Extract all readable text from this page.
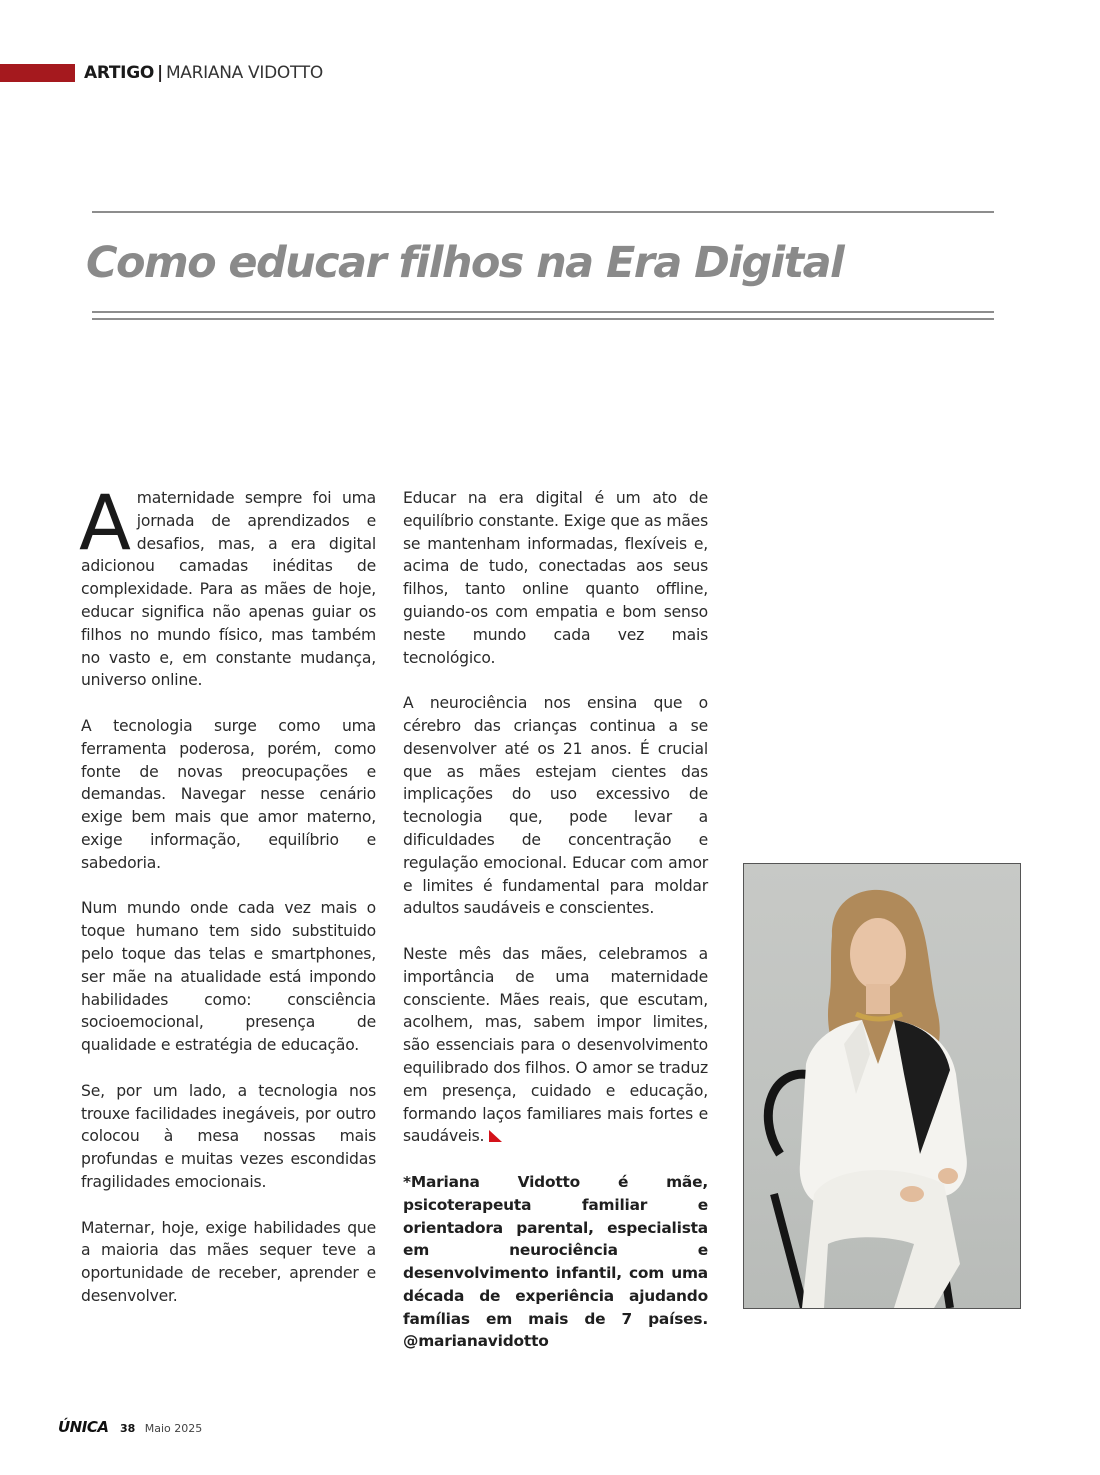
ARTIGO | MARIANA VIDOTTO
Como educar filhos na Era Digital

Amaternidade sempre foi uma jornada de aprendizados e desafios, mas, a era digital adicionou camadas inéditas de complexidade. Para as mães de hoje, educar significa não apenas guiar os filhos no mundo físico, mas também no vasto e, em constante mudança, universo online.

A tecnologia surge como uma ferramenta poderosa, porém, como fonte de novas preocupações e demandas. Navegar nesse cenário exige bem mais que amor materno, exige informação, equilíbrio e sabedoria.

Num mundo onde cada vez mais o toque humano tem sido substituido pelo toque das telas e smartphones, ser mãe na atualidade está impondo habilidades como: consciência socioemocional, presença de qualidade e estratégia de educação.

Se, por um lado, a tecnologia nos trouxe facilidades inegáveis, por outro colocou à mesa nossas mais profundas e muitas vezes escondidas fragilidades emocionais.

Maternar, hoje, exige habilidades que a maioria das mães sequer teve a oportunidade de receber, aprender e desenvolver.

Educar na era digital é um ato de equilíbrio constante. Exige que as mães se mantenham informadas, flexíveis e, acima de tudo, conectadas aos seus filhos, tanto online quanto offline, guiando-os com empatia e bom senso neste mundo cada vez mais tecnológico.

A neurociência nos ensina que o cérebro das crianças continua a se desenvolver até os 21 anos. É crucial que as mães estejam cientes das implicações do uso excessivo de tecnologia que, pode levar a dificuldades de concentração e regulação emocional. Educar com amor e limites é fundamental para moldar adultos saudáveis e conscientes.

Neste mês das mães, celebramos a importância de uma maternidade consciente. Mães reais, que escutam, acolhem, mas, sabem impor limites, são essenciais para o desenvolvimento equilibrado dos filhos. O amor se traduz em presença, cuidado e educação, formando laços familiares mais fortes e saudáveis.

*Mariana Vidotto é mãe, psicoterapeuta familiar e orientadora parental, especialista em neurociência e desenvolvimento infantil, com uma década de experiência ajudando famílias em mais de 7 países. @marianavidotto

ÚNICA 38 Maio 2025
